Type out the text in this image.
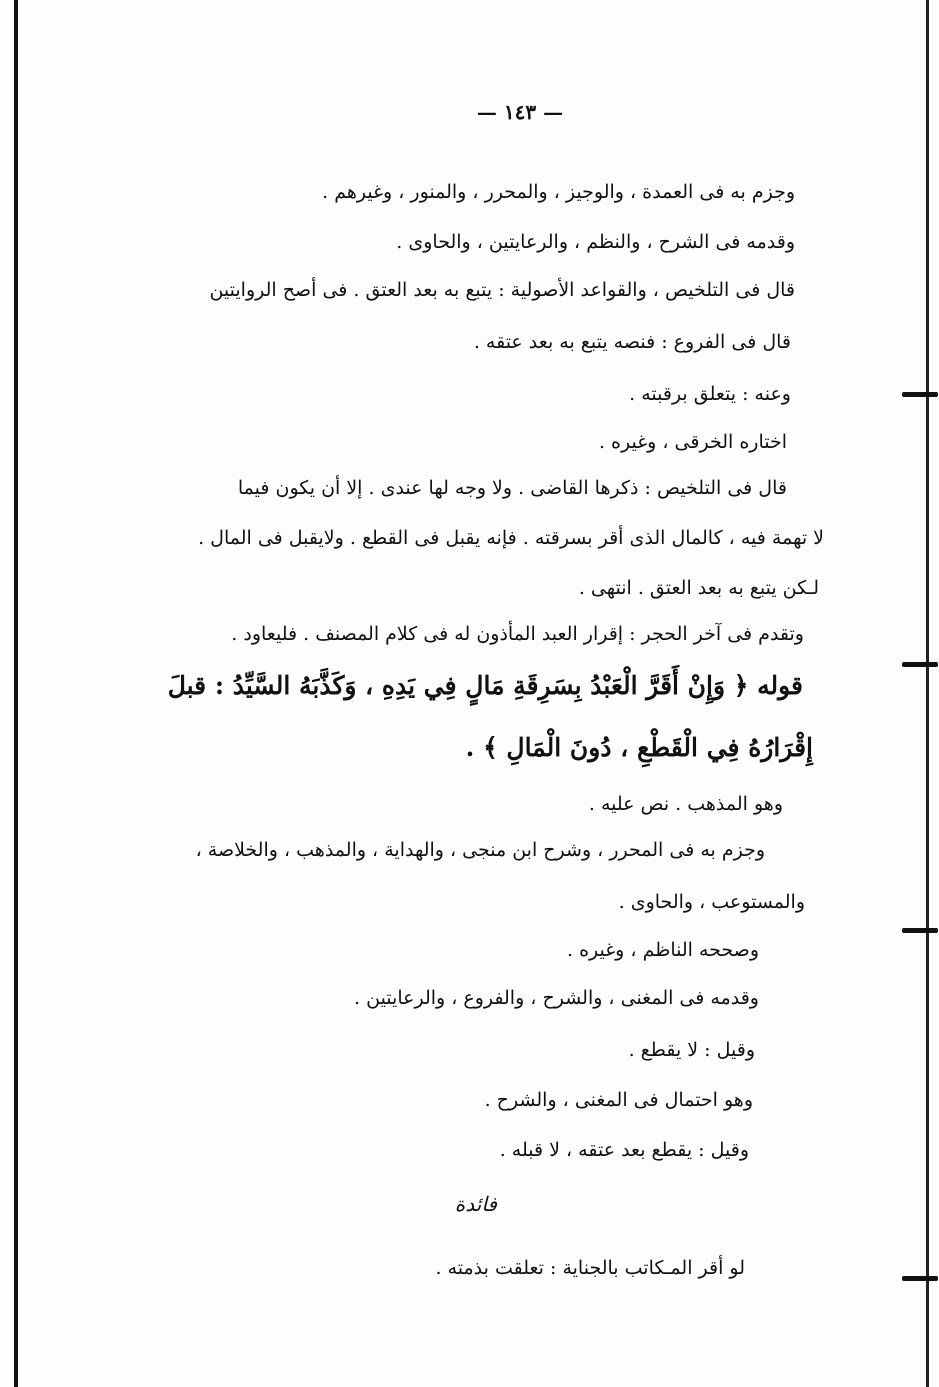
— ١٤٣ —
وجزم به فى العمدة ، والوجيز ، والمحرر ، والمنور ، وغيرهم .
وقدمه فى الشرح ، والنظم ، والرعايتين ، والحاوى .
قال فى التلخيص ، والقواعد الأصولية : يتبع به بعد العتق . فى أصح الروايتين
قال فى الفروع : فنصه يتبع به بعد عتقه .
وعنه : يتعلق برقبته .
اختاره الخرقى ، وغيره .
قال فى التلخيص : ذكرها القاضى . ولا وجه لها عندى . إلا أن يكون فيما
لا تهمة فيه ، كالمال الذى أقر بسرقته . فإنه يقبل فى القطع . ولايقبل فى المال .
لـكن يتبع به بعد العتق . انتهى .
وتقدم فى آخر الحجر : إقرار العبد المأذون له فى كلام المصنف . فليعاود .
قوله ﴿ وَإِنْ أَقَرَّ الْعَبْدُ بِسَرِقَةِ مَالٍ فِي يَدِهِ ، وَكَذَّبَهُ السَّيِّدُ : قبلَ
إِقْرَارُهُ فِي الْقَطْعِ ، دُونَ الْمَالِ ﴾ .
وهو المذهب . نص عليه .
وجزم به فى المحرر ، وشرح ابن منجى ، والهداية ، والمذهب ، والخلاصة ،
والمستوعب ، والحاوى .
وصححه الناظم ، وغيره .
وقدمه فى المغنى ، والشرح ، والفروع ، والرعايتين .
وقيل : لا يقطع .
وهو احتمال فى المغنى ، والشرح .
وقيل : يقطع بعد عتقه ، لا قبله .
فائدة
لو أقر المـكاتب بالجناية : تعلقت بذمته .
